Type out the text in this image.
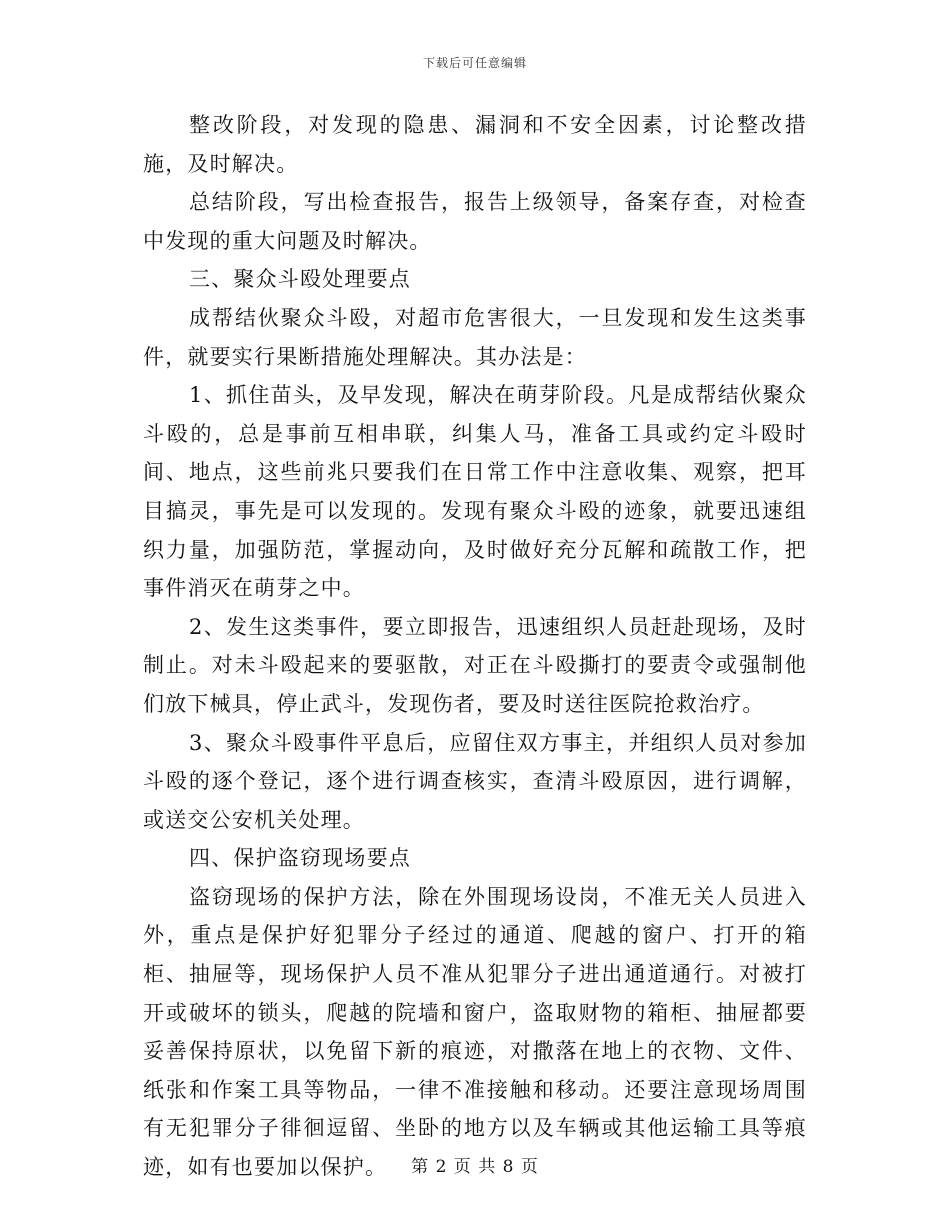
下载后可任意编辑

整改阶段，对发现的隐患、漏洞和不安全因素，讨论整改措施，及时解决。

总结阶段，写出检查报告，报告上级领导，备案存查，对检查中发现的重大问题及时解决。

三、聚众斗殴处理要点

成帮结伙聚众斗殴，对超市危害很大，一旦发现和发生这类事件，就要实行果断措施处理解决。其办法是：

1、抓住苗头，及早发现，解决在萌芽阶段。凡是成帮结伙聚众斗殴的，总是事前互相串联，纠集人马，准备工具或约定斗殴时间、地点，这些前兆只要我们在日常工作中注意收集、观察，把耳目搞灵，事先是可以发现的。发现有聚众斗殴的迹象，就要迅速组织力量，加强防范，掌握动向，及时做好充分瓦解和疏散工作，把事件消灭在萌芽之中。

2、发生这类事件，要立即报告，迅速组织人员赶赴现场，及时制止。对未斗殴起来的要驱散，对正在斗殴撕打的要责令或强制他们放下械具，停止武斗，发现伤者，要及时送往医院抢救治疗。

3、聚众斗殴事件平息后，应留住双方事主，并组织人员对参加斗殴的逐个登记，逐个进行调查核实，查清斗殴原因，进行调解，或送交公安机关处理。

四、保护盗窃现场要点

盗窃现场的保护方法，除在外围现场设岗，不准无关人员进入外，重点是保护好犯罪分子经过的通道、爬越的窗户、打开的箱柜、抽屉等，现场保护人员不准从犯罪分子进出通道通行。对被打开或破坏的锁头，爬越的院墙和窗户，盗取财物的箱柜、抽屉都要妥善保持原状，以免留下新的痕迹，对撒落在地上的衣物、文件、纸张和作案工具等物品，一律不准接触和移动。还要注意现场周围有无犯罪分子徘徊逗留、坐卧的地方以及车辆或其他运输工具等痕迹，如有也要加以保护。	第 2 页 共 8 页
